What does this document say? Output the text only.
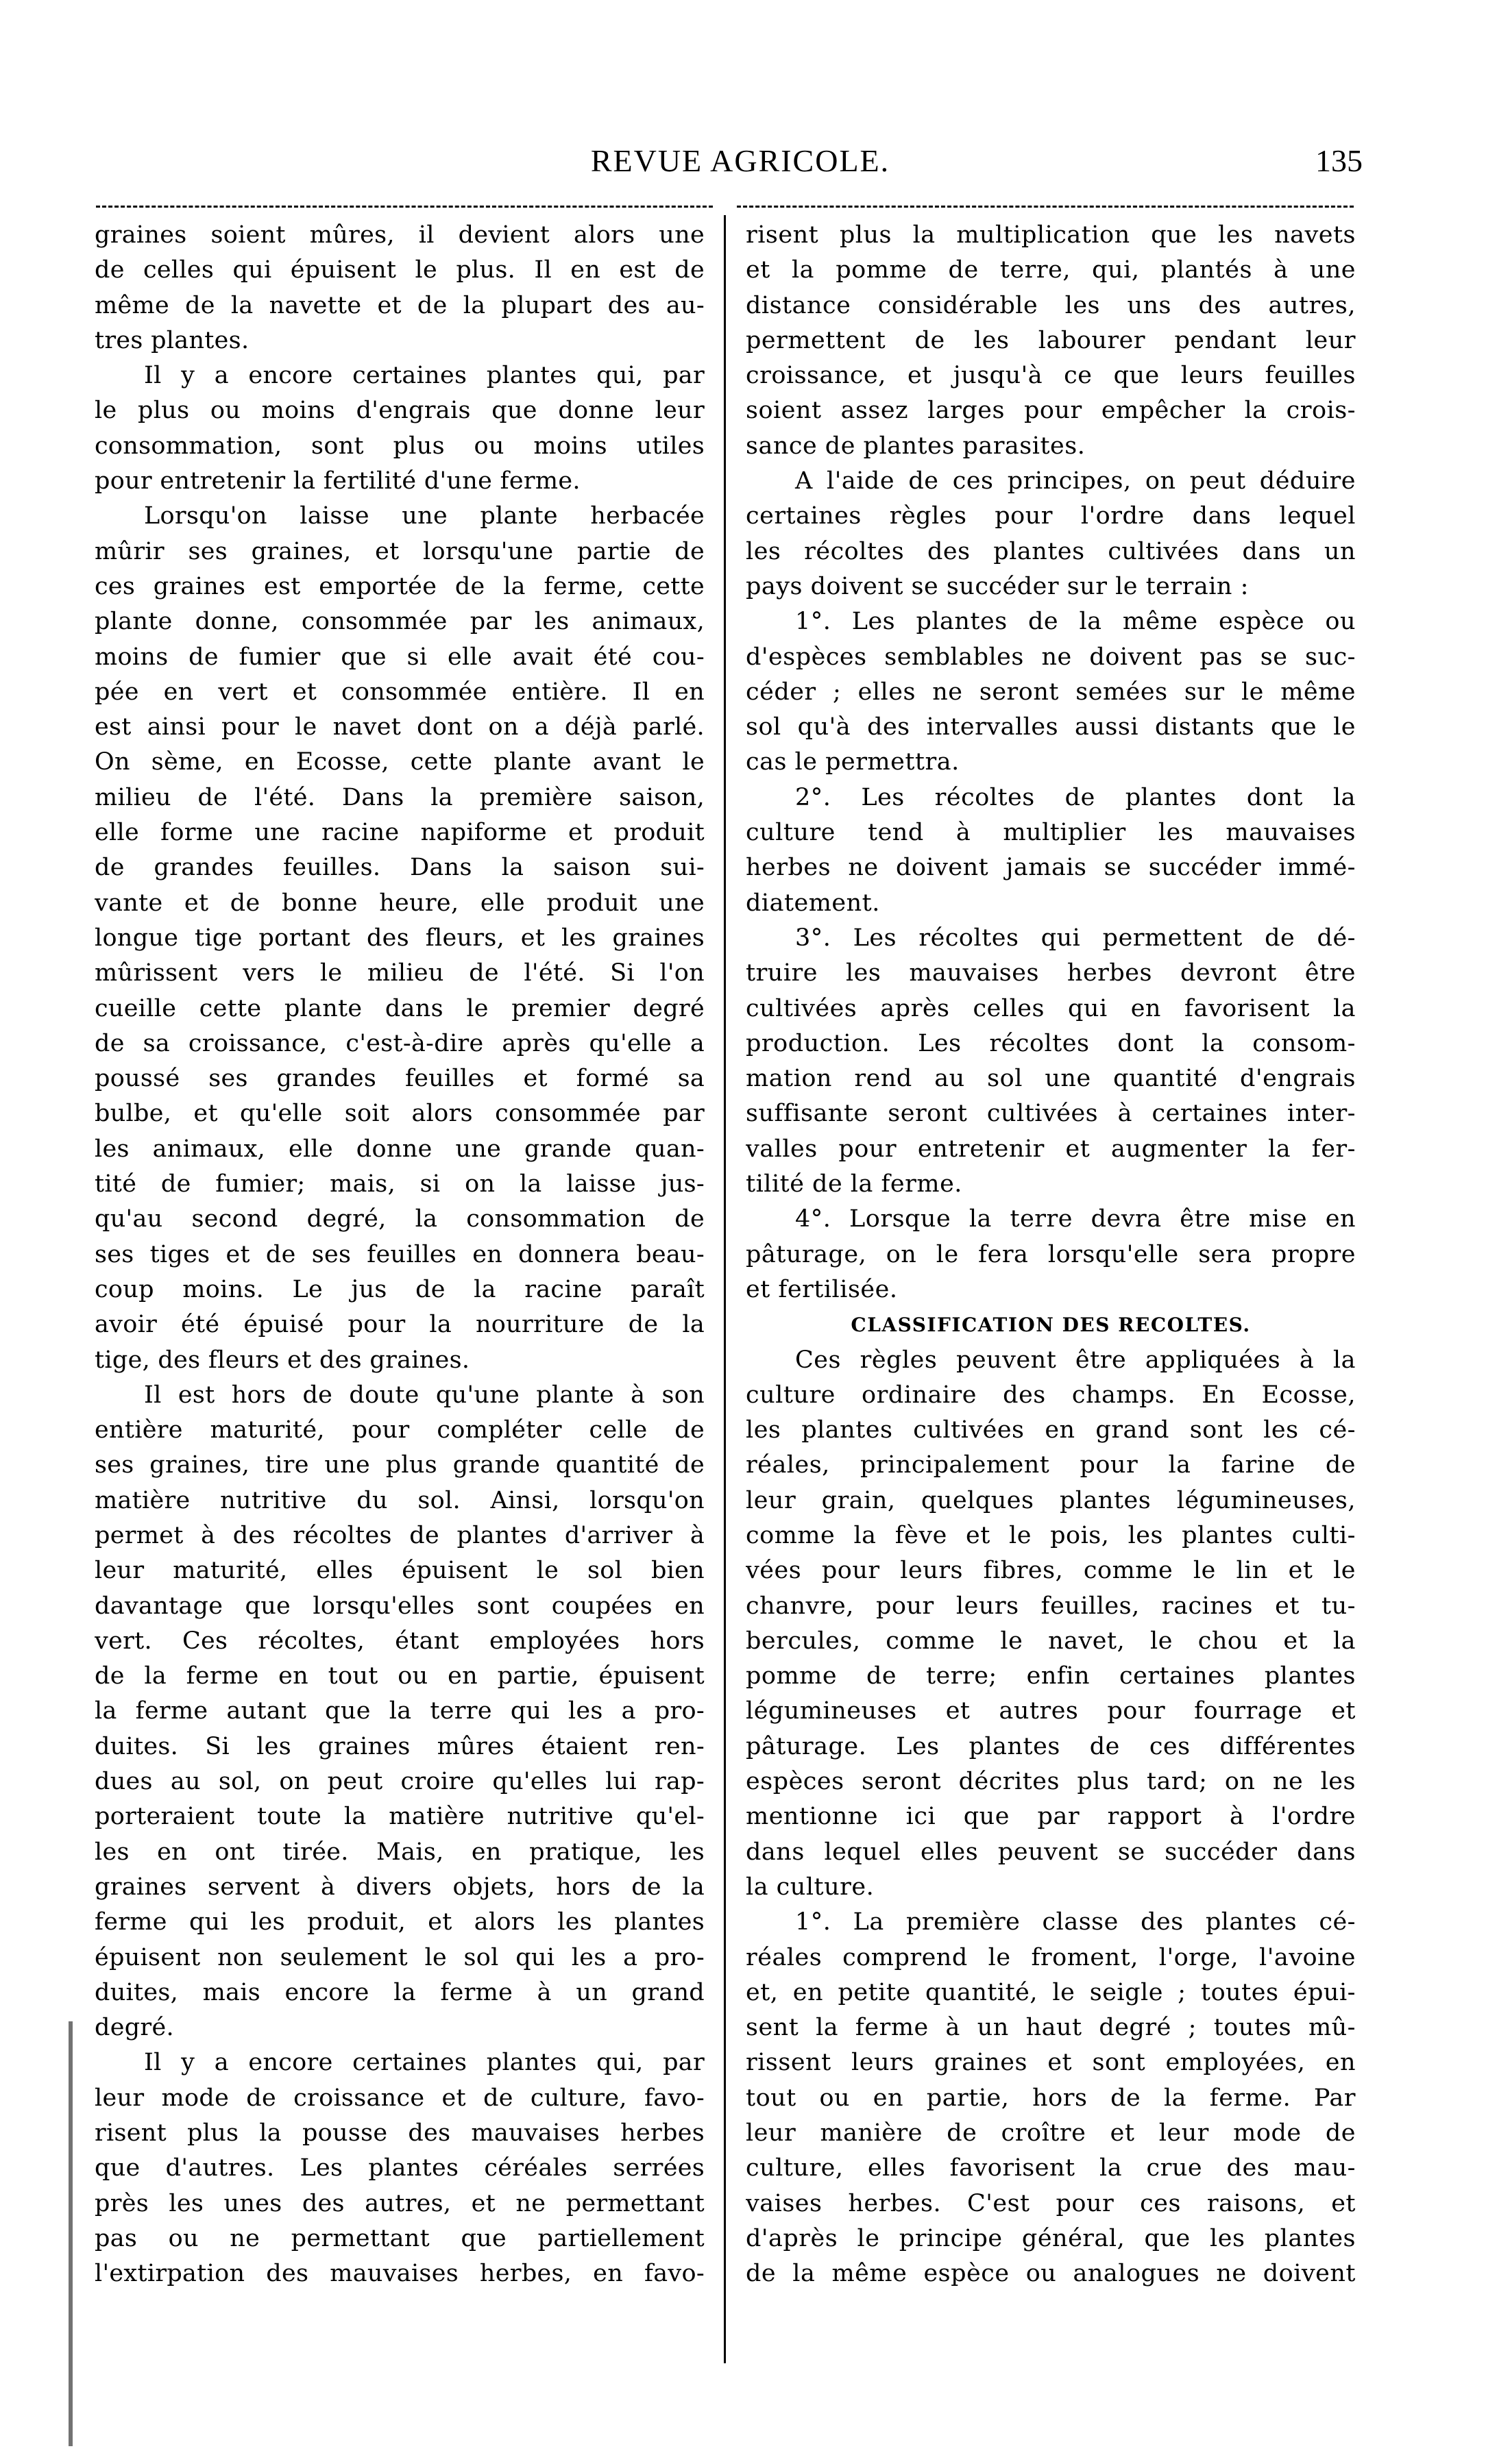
REVUE AGRICOLE.	135
graines soient mûres, il devient alors une
de celles qui épuisent le plus. Il en est de
même de la navette et de la plupart des au-
tres plantes.
Il y a encore certaines plantes qui, par
le plus ou moins d'engrais que donne leur
consommation, sont plus ou moins utiles
pour entretenir la fertilité d'une ferme.
Lorsqu'on laisse une plante herbacée
mûrir ses graines, et lorsqu'une partie de
ces graines est emportée de la ferme, cette
plante donne, consommée par les animaux,
moins de fumier que si elle avait été cou-
pée en vert et consommée entière. Il en
est ainsi pour le navet dont on a déjà parlé.
On sème, en Ecosse, cette plante avant le
milieu de l'été. Dans la première saison,
elle forme une racine napiforme et produit
de grandes feuilles. Dans la saison sui-
vante et de bonne heure, elle produit une
longue tige portant des fleurs, et les graines
mûrissent vers le milieu de l'été. Si l'on
cueille cette plante dans le premier degré
de sa croissance, c'est-à-dire après qu'elle a
poussé ses grandes feuilles et formé sa
bulbe, et qu'elle soit alors consommée par
les animaux, elle donne une grande quan-
tité de fumier; mais, si on la laisse jus-
qu'au second degré, la consommation de
ses tiges et de ses feuilles en donnera beau-
coup moins. Le jus de la racine paraît
avoir été épuisé pour la nourriture de la
tige, des fleurs et des graines.
Il est hors de doute qu'une plante à son
entière maturité, pour compléter celle de
ses graines, tire une plus grande quantité de
matière nutritive du sol. Ainsi, lorsqu'on
permet à des récoltes de plantes d'arriver à
leur maturité, elles épuisent le sol bien
davantage que lorsqu'elles sont coupées en
vert. Ces récoltes, étant employées hors
de la ferme en tout ou en partie, épuisent
la ferme autant que la terre qui les a pro-
duites. Si les graines mûres étaient ren-
dues au sol, on peut croire qu'elles lui rap-
porteraient toute la matière nutritive qu'el-
les en ont tirée. Mais, en pratique, les
graines servent à divers objets, hors de la
ferme qui les produit, et alors les plantes
épuisent non seulement le sol qui les a pro-
duites, mais encore la ferme à un grand
degré.
Il y a encore certaines plantes qui, par
leur mode de croissance et de culture, favo-
risent plus la pousse des mauvaises herbes
que d'autres. Les plantes céréales serrées
près les unes des autres, et ne permettant
pas ou ne permettant que partiellement
l'extirpation des mauvaises herbes, en favo-
risent plus la multiplication que les navets
et la pomme de terre, qui, plantés à une
distance considérable les uns des autres,
permettent de les labourer pendant leur
croissance, et jusqu'à ce que leurs feuilles
soient assez larges pour empêcher la crois-
sance de plantes parasites.
A l'aide de ces principes, on peut déduire
certaines règles pour l'ordre dans lequel
les récoltes des plantes cultivées dans un
pays doivent se succéder sur le terrain :
1°. Les plantes de la même espèce ou
d'espèces semblables ne doivent pas se suc-
céder ; elles ne seront semées sur le même
sol qu'à des intervalles aussi distants que le
cas le permettra.
2°. Les récoltes de plantes dont la
culture tend à multiplier les mauvaises
herbes ne doivent jamais se succéder immé-
diatement.
3°. Les récoltes qui permettent de dé-
truire les mauvaises herbes devront être
cultivées après celles qui en favorisent la
production. Les récoltes dont la consom-
mation rend au sol une quantité d'engrais
suffisante seront cultivées à certaines inter-
valles pour entretenir et augmenter la fer-
tilité de la ferme.
4°. Lorsque la terre devra être mise en
pâturage, on le fera lorsqu'elle sera propre
et fertilisée.
CLASSIFICATION DES RECOLTES.
Ces règles peuvent être appliquées à la
culture ordinaire des champs. En Ecosse,
les plantes cultivées en grand sont les cé-
réales, principalement pour la farine de
leur grain, quelques plantes légumineuses,
comme la fève et le pois, les plantes culti-
vées pour leurs fibres, comme le lin et le
chanvre, pour leurs feuilles, racines et tu-
bercules, comme le navet, le chou et la
pomme de terre; enfin certaines plantes
légumineuses et autres pour fourrage et
pâturage. Les plantes de ces différentes
espèces seront décrites plus tard; on ne les
mentionne ici que par rapport à l'ordre
dans lequel elles peuvent se succéder dans
la culture.
1°. La première classe des plantes cé-
réales comprend le froment, l'orge, l'avoine
et, en petite quantité, le seigle ; toutes épui-
sent la ferme à un haut degré ; toutes mû-
rissent leurs graines et sont employées, en
tout ou en partie, hors de la ferme. Par
leur manière de croître et leur mode de
culture, elles favorisent la crue des mau-
vaises herbes. C'est pour ces raisons, et
d'après le principe général, que les plantes
de la même espèce ou analogues ne doivent
